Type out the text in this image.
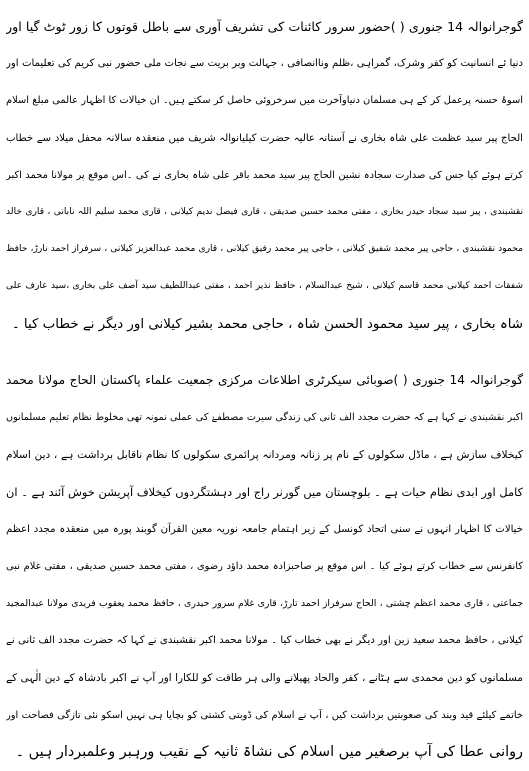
گوجرانوالہ 14 جنوری ( )حضور سرور کائنات کی تشریف آوری سے باطل قوتوں کا زور ٹوٹ گیا اور
دنیا ئے انسانیت کو کفر وشرک، گمراہی ،ظلم وناانصافی ، جہالت وبر بریت سے نجات ملی حضور نبی کریم کی تعلیمات اور
اسوۂ حسنہ پرعمل کر کے ہی مسلمان دنیاوآخرت میں سرخروئی حاصل کر سکتے ہیں۔ ان خیالات کا اظہار عالمی مبلغ اسلام
الحاج پیر سید عظمت علی شاہ بخاری نے آستانہ عالیہ حضرت کیلیانوالہ شریف میں منعقدہ سالانہ محفل میلاد سے خطاب
کرتے ہوئے کیا جس کی صدارت سجادہ نشین الحاج پیر سید محمد باقر علی شاہ بخاری نے کی ۔اس موقع پر مولانا محمد اکبر
نقشبندی ، پیر سید سجاد حیدر بخاری ، مفتی محمد حسین صدیقی ، قاری فیصل ندیم کیلانی ، قاری محمد سلیم اللہ نابانی ، قاری خالد
محمود نقشبندی ، حاجی پیر محمد شفیق کیلانی ، حاجی پیر محمد رفیق کیلانی ، قاری محمد عبدالعزیز کیلانی ، سرفراز احمد نارڑ، حافظ
شفقات احمد کیلانی محمد قاسم کیلانی ، شیخ عبدالسلام ، حافظ نذیر احمد ، مفتی عبداللطیف سید آصف علی بخاری ،سید عارف علی
شاہ بخاری ، پیر سید محمود الحسن شاہ ، حاجی محمد بشیر کیلانی اور دیگر نے خطاب کیا ۔
گوجرانوالہ 14 جنوری ( )صوبائی سیکرٹری اطلاعات مرکزی جمعیت علماء پاکستان الحاج مولانا محمد
اکبر نقشبندی نے کہا ہے کہ حضرت مجدد الف ثانی کی زندگی سیرت مصطفےٰ کی عملی نمونہ تھی مخلوط نظام تعلیم مسلمانوں
کیخلاف سازش ہے ، ماڈل سکولوں کے نام پر زنانہ ومردانہ پرائمری سکولوں کا نظام ناقابل برداشت ہے ، دین اسلام
کامل اور ابدی نظام حیات ہے ۔ بلوچستان میں گورنر راج اور دہشتگردوں کیخلاف آپریشن خوش آئند ہے ۔ ان
خیالات کا اظہار انہوں نے سنی اتحاد کونسل کے زیر اہتمام جامعہ نوریہ معین القرآن گوبند پورہ میں منعقدہ مجدد اعظم
کانفرنس سے خطاب کرتے ہوئے کیا ۔ اس موقع پر صاحبزادہ محمد داؤد رضوی ، مفتی محمد حسین صدیقی ، مفتی غلام نبی
جماعتی ، قاری محمد اعظم چشتی ، الحاج سرفراز احمد تارڑ، قاری غلام سرور حیدری ، حافظ محمد یعقوب فریدی مولانا عبدالمجید
کیلانی ، حافظ محمد سعید زین اور دیگر نے بھی خطاب کیا ۔ مولانا محمد اکبر نقشبندی نے کہا کہ حضرت مجدد الف ثانی نے
مسلمانوں کو دین محمدی سے ہٹانے ، کفر والحاد پھیلانے والی ہر طاقت کو للکارا اور آپ نے اکبر بادشاہ کے دین الٰہی کے
خاتمے کیلئے قید وبند کی صعوبتیں برداشت کیں ، آپ نے اسلام کی ڈوبتی کشتی کو بچایا ہی نہیں اسکو نئی تازگی فصاحت اور
روانی عطا کی آپ برصغیر میں اسلام کی نشاۃ ثانیہ کے نقیب ورہبر وعلمبردار ہیں ۔
